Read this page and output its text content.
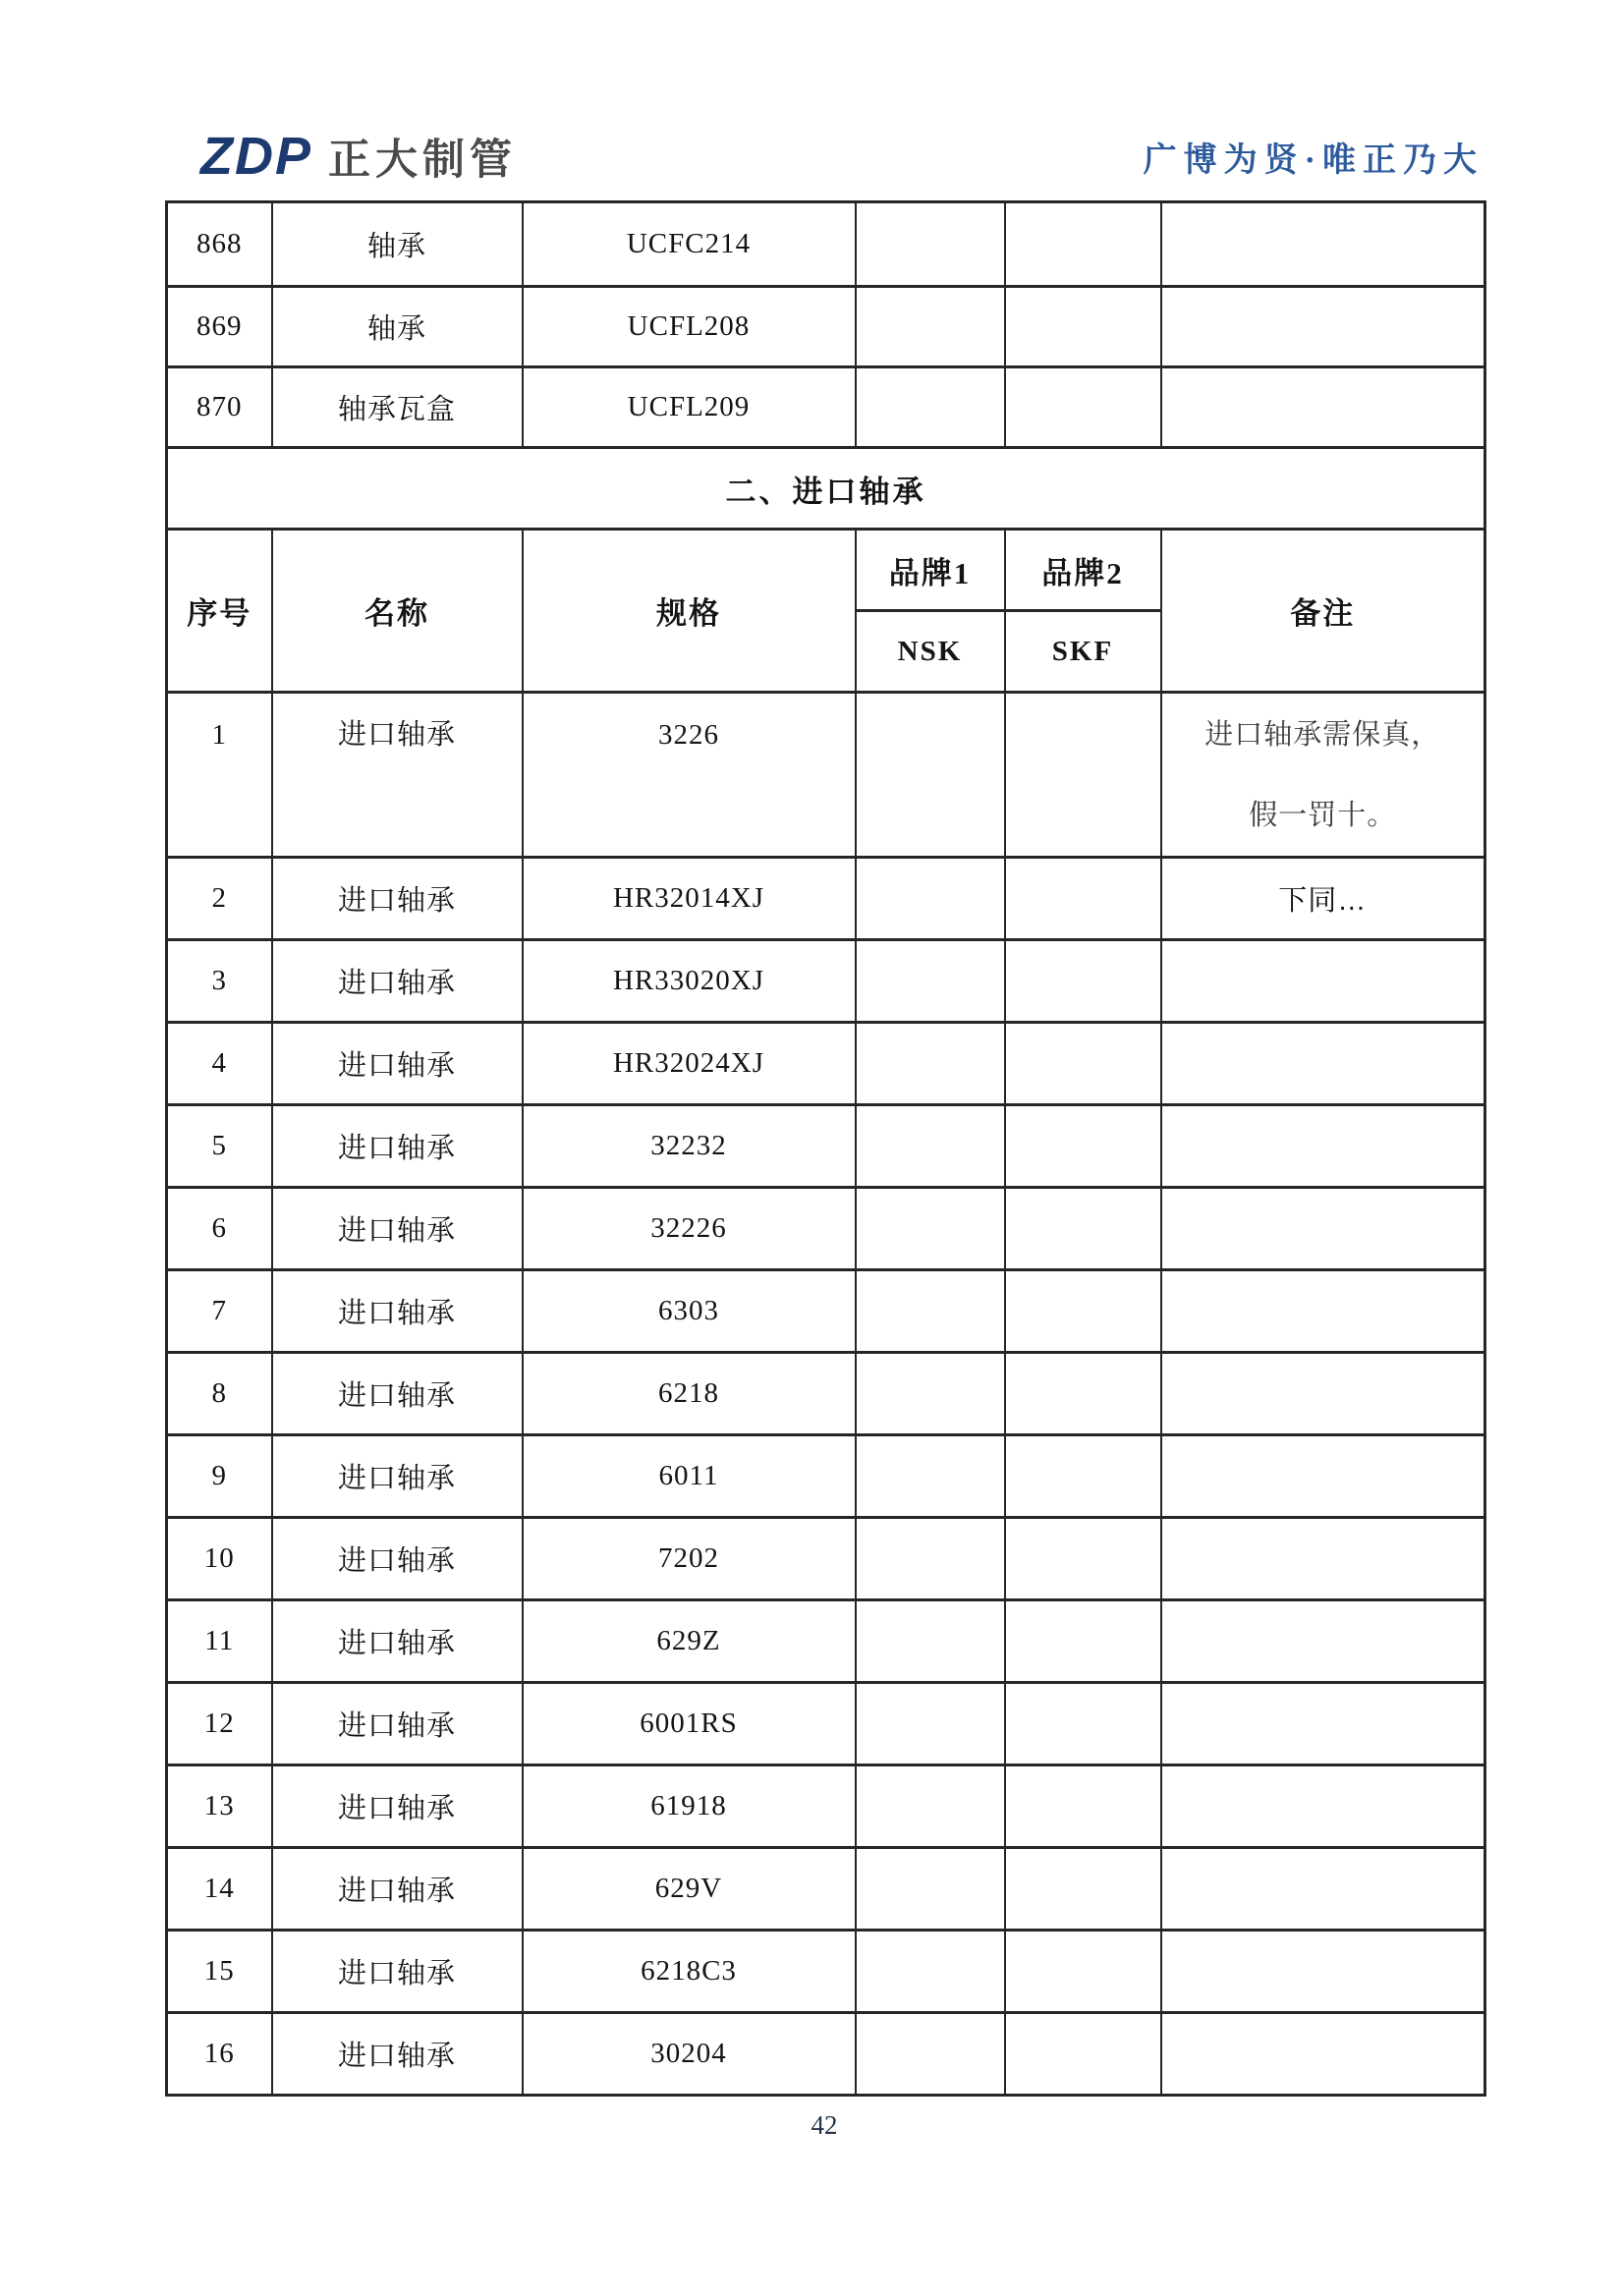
ZDP 正大制管	广博为贤·唯正乃大
868	轴承	UCFC214			
869	轴承	UCFL208			
870	轴承瓦盒	UCFL209			
二、进口轴承					
序号	名称	规格	品牌1	品牌2	备注
			NSK	SKF	
1	进口轴承	3226			进口轴承需保真，
假一罚十。

2	进口轴承	HR32014XJ			下同…
3	进口轴承	HR33020XJ			
4	进口轴承	HR32024XJ			
5	进口轴承	32232			
6	进口轴承	32226			
7	进口轴承	6303			
8	进口轴承	6218			
9	进口轴承	6011			
10	进口轴承	7202			
11	进口轴承	629Z			
12	进口轴承	6001RS			
13	进口轴承	61918			
14	进口轴承	629V			
15	进口轴承	6218C3			
16	进口轴承	30204			
42
